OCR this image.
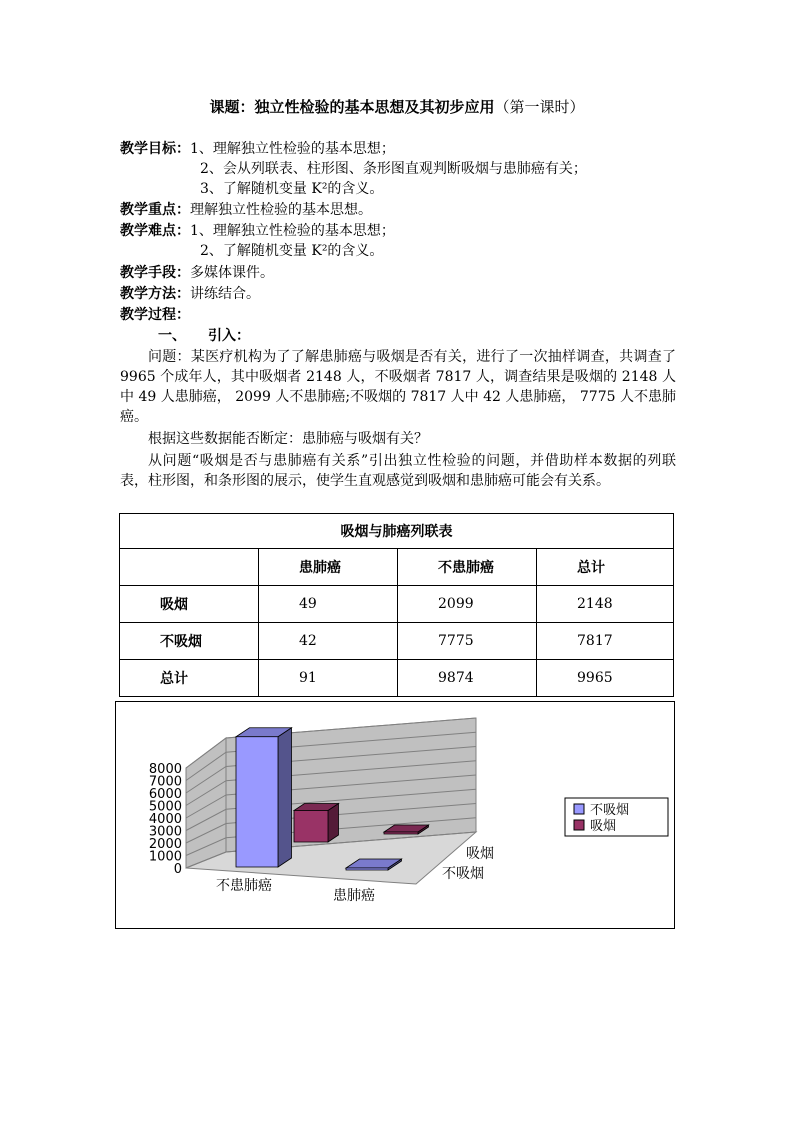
课题：独立性检验的基本思想及其初步应用（第一课时）
教学目标：1、理解独立性检验的基本思想；
2、会从列联表、柱形图、条形图直观判断吸烟与患肺癌有关；
3、了解随机变量 K²的含义。
教学重点：理解独立性检验的基本思想。
教学难点：1、理解独立性检验的基本思想；
2、了解随机变量 K²的含义。
教学手段：多媒体课件。
教学方法：讲练结合。
教学过程：
一、 引入：
问题：某医疗机构为了了解患肺癌与吸烟是否有关，进行了一次抽样调查，共调查了 9965 个成年人，其中吸烟者 2148 人，不吸烟者 7817 人，调查结果是吸烟的 2148 人中 49 人患肺癌， 2099 人不患肺癌;不吸烟的 7817 人中 42 人患肺癌， 7775 人不患肺癌。
根据这些数据能否断定：患肺癌与吸烟有关？
从问题“吸烟是否与患肺癌有关系”引出独立性检验的问题，并借助样本数据的列联表，柱形图，和条形图的展示，使学生直观感觉到吸烟和患肺癌可能会有关系。
吸烟与肺癌列联表			
	患肺癌	不患肺癌	总计
吸烟	49	2099	2148
不吸烟	42	7775	7817
总计	91	9874	9965
0
1000
2000
3000
4000
5000
6000
7000
8000
不患肺癌
患肺癌
吸烟
不吸烟
不吸烟
吸烟
